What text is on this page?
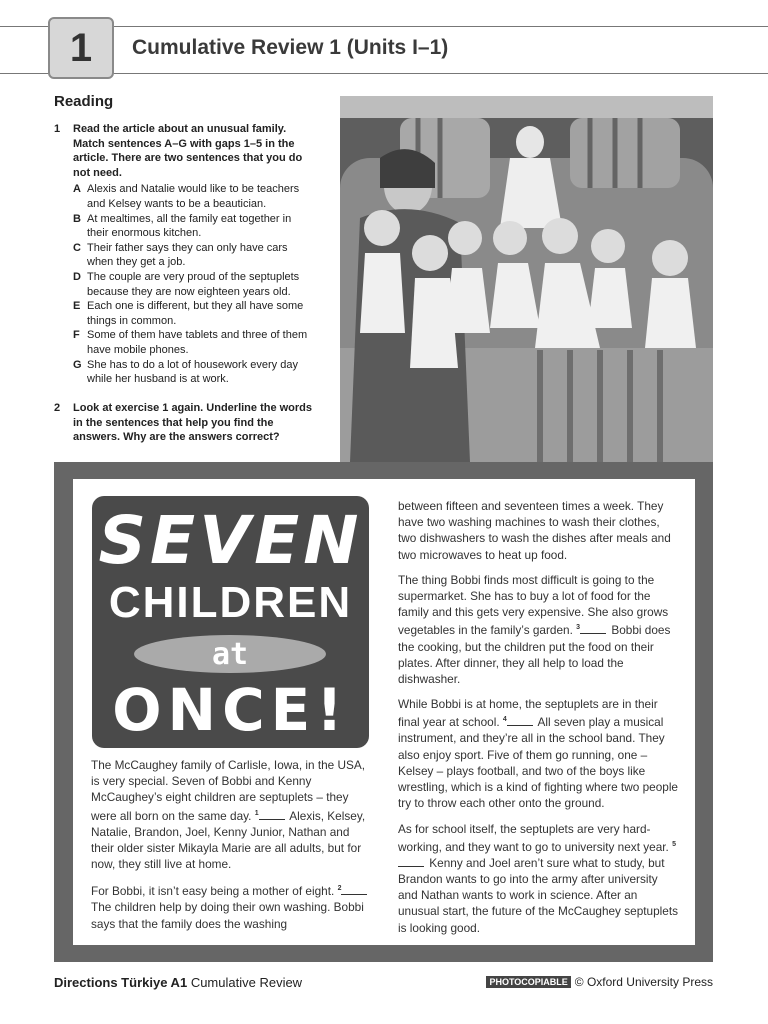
1	Cumulative Review 1 (Units I–1)
Reading
1 Read the article about an unusual family. Match sentences A–G with gaps 1–5 in the article. There are two sentences that you do not need.
A Alexis and Natalie would like to be teachers and Kelsey wants to be a beautician.
B At mealtimes, all the family eat together in their enormous kitchen.
C Their father says they can only have cars when they get a job.
D The couple are very proud of the septuplets because they are now eighteen years old.
E Each one is different, but they all have some things in common.
F Some of them have tablets and three of them have mobile phones.
G She has to do a lot of housework every day while her husband is at work.
2 Look at exercise 1 again. Underline the words in the sentences that help you find the answers. Why are the answers correct?
SEVEN
CHILDREN
at
ONCE!

The McCaughey family of Carlisle, Iowa, in the USA, is very special. Seven of Bobbi and Kenny McCaughey’s eight children are septuplets – they were all born on the same day. $^1$	Alexis, Kelsey, Natalie, Brandon, Joel, Kenny Junior, Nathan and their older sister Mikayla Marie are all adults, but for now, they still live at home.

For Bobbi, it isn’t easy being a mother of eight. $^2$ The children help by doing their own washing. Bobbi says that the family does the washing

between fifteen and seventeen times a week. They have two washing machines to wash their clothes, two dishwashers to wash the dishes after meals and two microwaves to heat up food.

The thing Bobbi finds most difficult is going to the supermarket. She has to buy a lot of food for the family and this gets very expensive. She also grows vegetables in the family’s garden. $^3$	Bobbi does the cooking, but the children put the food on their plates. After dinner, they all help to load the dishwasher.

While Bobbi is at home, the septuplets are in their final year at school. $^4$	All seven play a musical instrument, and they’re all in the school band. They also enjoy sport. Five of them go running, one – Kelsey – plays football, and two of the boys like wrestling, which is a kind of fighting where two people try to throw each other onto the ground.

As for school itself, the septuplets are very hard-working, and they want to go to university next year. $^5$ Kenny and Joel aren’t sure what to study, but Brandon wants to go into the army after university and Nathan wants to work in science. After an unusual start, the future of the McCaughey septuplets is looking good.

Directions Türkiye A1 Cumulative Review	PHOTOCOPIABLE © Oxford University Press
